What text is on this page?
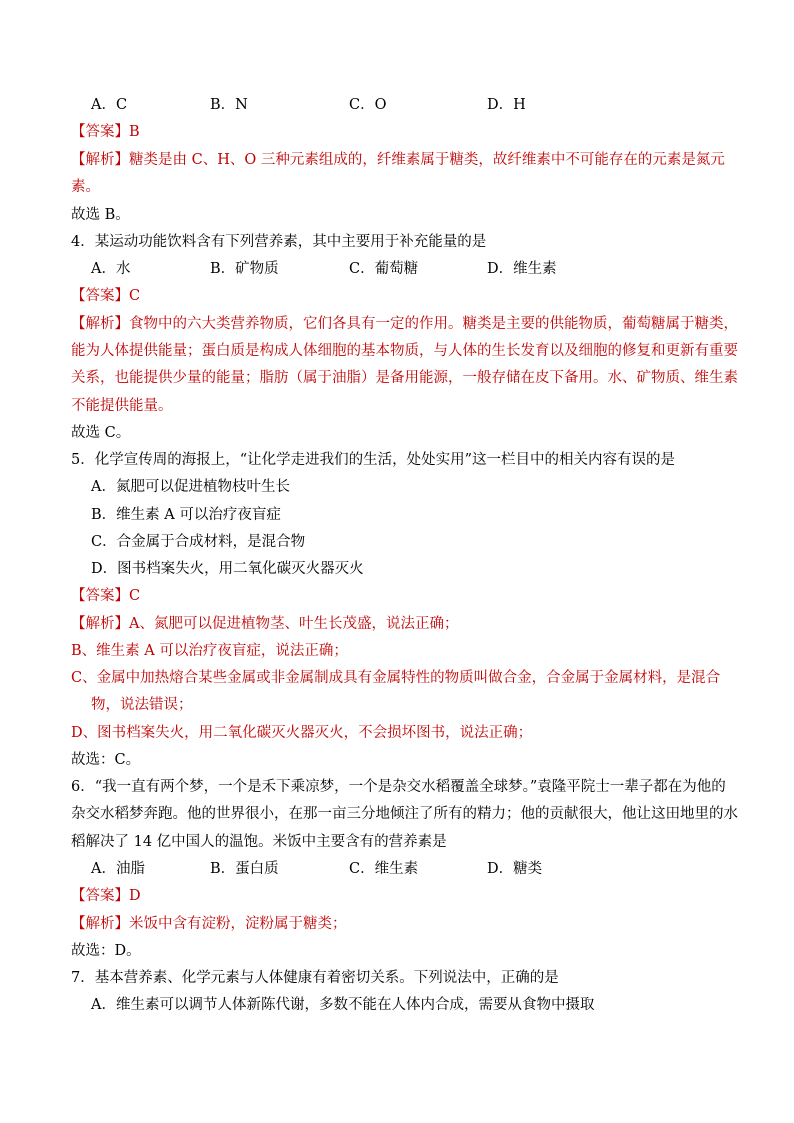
A．C	B．N	C．O	D．H
【答案】B
【解析】糖类是由 C、H、O 三种元素组成的，纤维素属于糖类，故纤维素中不可能存在的元素是氮元
素。
故选 B。
4．某运动功能饮料含有下列营养素，其中主要用于补充能量的是
A．水	B．矿物质	C．葡萄糖	D．维生素
【答案】C
【解析】食物中的六大类营养物质，它们各具有一定的作用。糖类是主要的供能物质，葡萄糖属于糖类，
能为人体提供能量；蛋白质是构成人体细胞的基本物质，与人体的生长发育以及细胞的修复和更新有重要
关系，也能提供少量的能量；脂肪（属于油脂）是备用能源，一般存储在皮下备用。水、矿物质、维生素
不能提供能量。
故选 C。
5．化学宣传周的海报上，“让化学走进我们的生活，处处实用”这一栏目中的相关内容有误的是
A．氮肥可以促进植物枝叶生长
B．维生素 A 可以治疗夜盲症
C．合金属于合成材料，是混合物
D．图书档案失火，用二氧化碳灭火器灭火
【答案】C
【解析】A、氮肥可以促进植物茎、叶生长茂盛，说法正确；
B、维生素 A 可以治疗夜盲症，说法正确；
C、金属中加热熔合某些金属或非金属制成具有金属特性的物质叫做合金，合金属于金属材料，是混合
物，说法错误；
D、图书档案失火，用二氧化碳灭火器灭火，不会损坏图书，说法正确；
故选：C。
6．“我一直有两个梦，一个是禾下乘凉梦，一个是杂交水稻覆盖全球梦。”袁隆平院士一辈子都在为他的
杂交水稻梦奔跑。他的世界很小，在那一亩三分地倾注了所有的精力；他的贡献很大，他让这田地里的水
稻解决了 14 亿中国人的温饱。米饭中主要含有的营养素是
A．油脂	B．蛋白质	C．维生素	D．糖类
【答案】D
【解析】米饭中含有淀粉，淀粉属于糖类；
故选：D。
7．基本营养素、化学元素与人体健康有着密切关系。下列说法中，正确的是
A．维生素可以调节人体新陈代谢，多数不能在人体内合成，需要从食物中摄取
